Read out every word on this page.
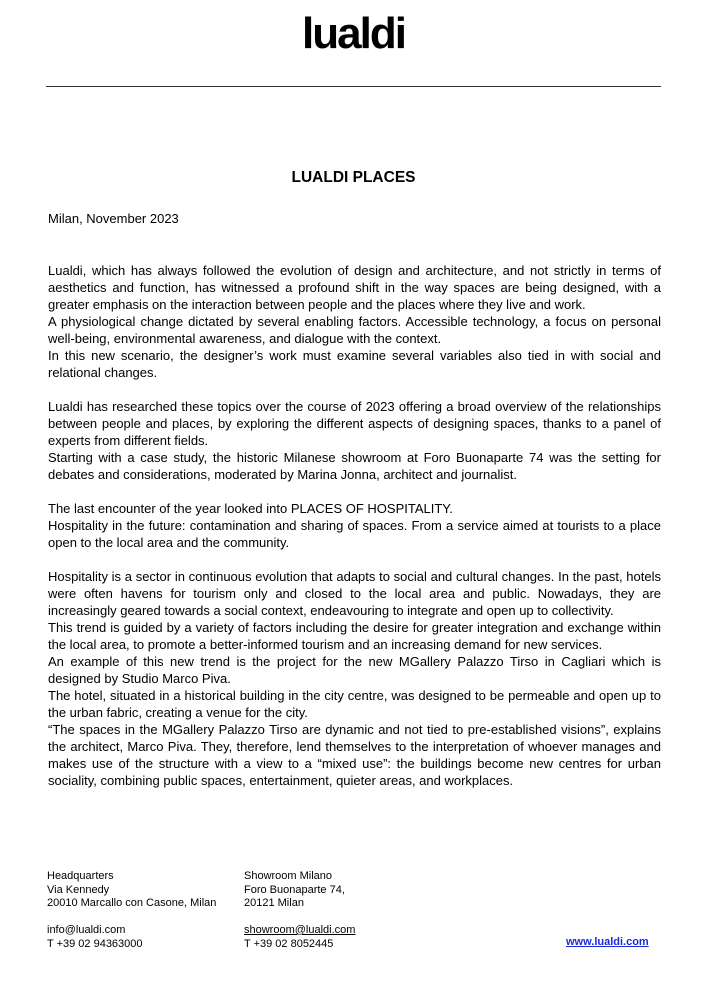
lualdi
LUALDI PLACES
Milan, November 2023

Lualdi, which has always followed the evolution of design and architecture, and not strictly in terms of aesthetics and function, has witnessed a profound shift in the way spaces are being designed, with a greater emphasis on the interaction between people and the places where they live and work.

A physiological change dictated by several enabling factors. Accessible technology, a focus on personal well-being, environmental awareness, and dialogue with the context.

In this new scenario, the designer’s work must examine several variables also tied in with social and relational changes.

Lualdi has researched these topics over the course of 2023 offering a broad overview of the relationships between people and places, by exploring the different aspects of designing spaces, thanks to a panel of experts from different fields.

Starting with a case study, the historic Milanese showroom at Foro Buonaparte 74 was the setting for debates and considerations, moderated by Marina Jonna, architect and journalist.

The last encounter of the year looked into PLACES OF HOSPITALITY.

Hospitality in the future: contamination and sharing of spaces. From a service aimed at tourists to a place open to the local area and the community.

Hospitality is a sector in continuous evolution that adapts to social and cultural changes. In the past, hotels were often havens for tourism only and closed to the local area and public. Nowadays, they are increasingly geared towards a social context, endeavouring to integrate and open up to collectivity.

This trend is guided by a variety of factors including the desire for greater integration and exchange within the local area, to promote a better-informed tourism and an increasing demand for new services.

An example of this new trend is the project for the new MGallery Palazzo Tirso in Cagliari which is designed by Studio Marco Piva.

The hotel, situated in a historical building in the city centre, was designed to be permeable and open up to the urban fabric, creating a venue for the city.

“The spaces in the MGallery Palazzo Tirso are dynamic and not tied to pre-established visions”, explains the architect, Marco Piva. They, therefore, lend themselves to the interpretation of whoever manages and makes use of the structure with a view to a “mixed use”: the buildings become new centres for urban sociality, combining public spaces, entertainment, quieter areas, and workplaces.

Headquarters
Via Kennedy
20010 Marcallo con Casone, Milan
info@lualdi.com
T +39 02 94363000
Showroom Milano
Foro Buonaparte 74,
20121 Milan
showroom@lualdi.com
T +39 02 8052445	www.lualdi.com
